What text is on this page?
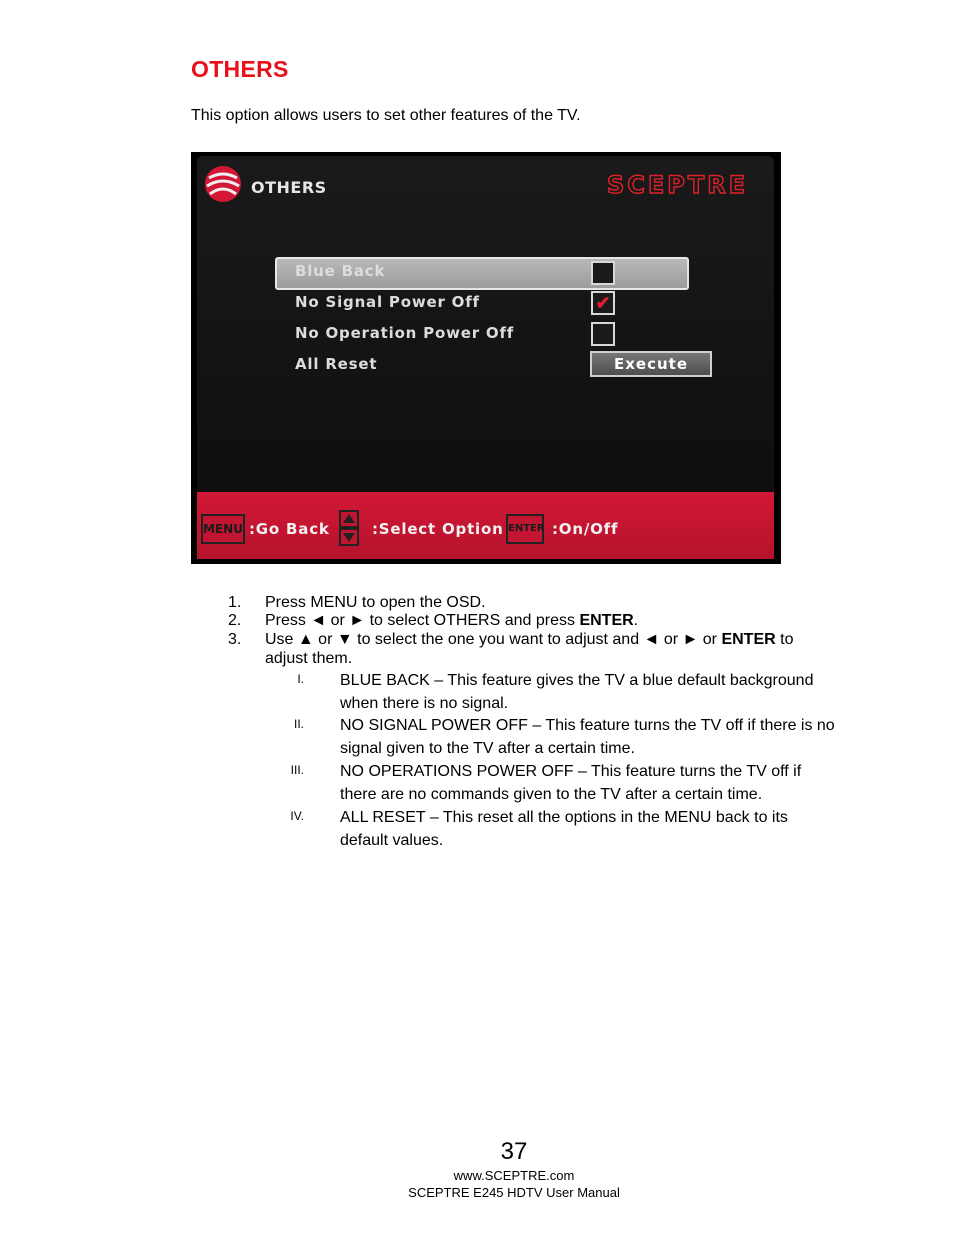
OTHERS
This option allows users to set other features of the TV.
OTHERS	SCEPTRE
Blue Back
No Signal Power Off	✔
No Operation Power Off
All Reset	Execute
MENU :Go Back	:Select Option ENTER :On/Off
1. Press MENU to open the OSD.
2. Press ◄ or ► to select OTHERS and press ENTER.
3. Use ▲ or ▼ to select the one you want to adjust and ◄ or ► or ENTER to adjust them.
I. BLUE BACK – This feature gives the TV a blue default background when there is no signal.
II. NO SIGNAL POWER OFF – This feature turns the TV off if there is no signal given to the TV after a certain time.
III. NO OPERATIONS POWER OFF – This feature turns the TV off if there are no commands given to the TV after a certain time.
IV. ALL RESET – This reset all the options in the MENU back to its default values.
37
www.SCEPTRE.com
SCEPTRE E245 HDTV User Manual
